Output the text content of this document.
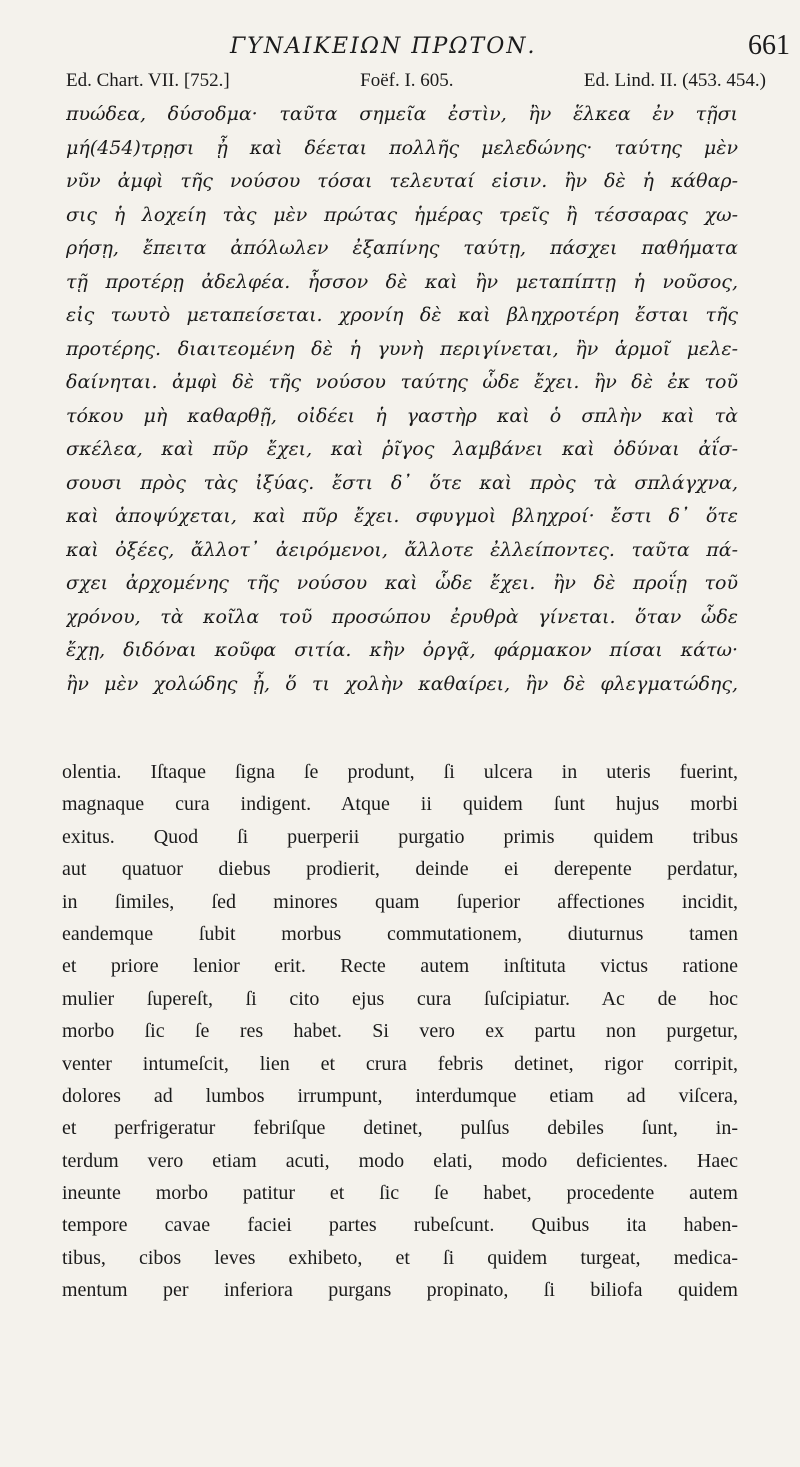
ΓΥΝΑΙΚΕΙΩΝ ΠΡΩΤΟΝ.	661
Ed. Chart. VII. [752.]	Foëf. I. 605.	Ed. Lind. II. (453. 454.)
πυώδεα, δύσοδμα· ταῦτα σημεῖα ἐστὶν, ἢν ἕλκεα ἐν τῇσι
μή(454)τρῃσι ᾖ καὶ δέεται πολλῆς μελεδώνης· ταύτης μὲν
νῦν ἀμφὶ τῆς νούσου τόσαι τελευταί εἰσιν. ἢν δὲ ἡ κάθαρ-
σις ἡ λοχείη τὰς μὲν πρώτας ἡμέρας τρεῖς ἢ τέσσαρας χω-
ρήσῃ, ἔπειτα ἀπόλωλεν ἐξαπίνης ταύτῃ, πάσχει παθήματα
τῇ προτέρῃ ἀδελφέα. ἧσσον δὲ καὶ ἢν μεταπίπτῃ ἡ νοῦσος,
εἰς τωυτὸ μεταπείσεται. χρονίη δὲ καὶ βληχροτέρη ἔσται τῆς
προτέρης. διαιτεομένη δὲ ἡ γυνὴ περιγίνεται, ἢν ἁρμοῖ μελε-
δαίνηται. ἀμφὶ δὲ τῆς νούσου ταύτης ὧδε ἔχει. ἢν δὲ ἐκ τοῦ
τόκου μὴ καθαρθῇ, οἰδέει ἡ γαστὴρ καὶ ὁ σπλὴν καὶ τὰ
σκέλεα, καὶ πῦρ ἔχει, καὶ ῥῖγος λαμβάνει καὶ ὀδύναι ἀΐσ-
σουσι πρὸς τὰς ἰξύας. ἔστι δ᾽ ὅτε καὶ πρὸς τὰ σπλάγχνα,
καὶ ἀποψύχεται, καὶ πῦρ ἔχει. σφυγμοὶ βληχροί· ἔστι δ᾽ ὅτε
καὶ ὀξέες, ἄλλοτ᾽ ἀειρόμενοι, ἄλλοτε ἐλλείποντες. ταῦτα πά-
σχει ἀρχομένης τῆς νούσου καὶ ὧδε ἔχει. ἢν δὲ προΐῃ τοῦ
χρόνου, τὰ κοῖλα τοῦ προσώπου ἐρυθρὰ γίνεται. ὅταν ὧδε
ἔχῃ, διδόναι κοῦφα σιτία. κἢν ὀργᾷ, φάρμακον πίσαι κάτω·
ἢν μὲν χολώδης ᾖ, ὅ τι χολὴν καθαίρει, ἢν δὲ φλεγματώδης,
olentia. Iſtaque ſigna ſe produnt, ſi ulcera in uteris fuerint,
magnaque cura indigent. Atque ii quidem ſunt hujus morbi
exitus. Quod ſi puerperii purgatio primis quidem tribus
aut quatuor diebus prodierit, deinde ei derepente perdatur,
in ſimiles, ſed minores quam ſuperior affectiones incidit,
eandemque ſubit morbus commutationem, diuturnus tamen
et priore lenior erit. Recte autem inſtituta victus ratione
mulier ſupereſt, ſi cito ejus cura ſuſcipiatur. Ac de hoc
morbo ſic ſe res habet. Si vero ex partu non purgetur,
venter intumeſcit, lien et crura febris detinet, rigor corripit,
dolores ad lumbos irrumpunt, interdumque etiam ad viſcera,
et perfrigeratur febriſque detinet, pulſus debiles ſunt, in-
terdum vero etiam acuti, modo elati, modo deficientes. Haec
ineunte morbo patitur et ſic ſe habet, procedente autem
tempore cavae faciei partes rubeſcunt. Quibus ita haben-
tibus, cibos leves exhibeto, et ſi quidem turgeat, medica-
mentum per inferiora purgans propinato, ſi biliofa quidem
